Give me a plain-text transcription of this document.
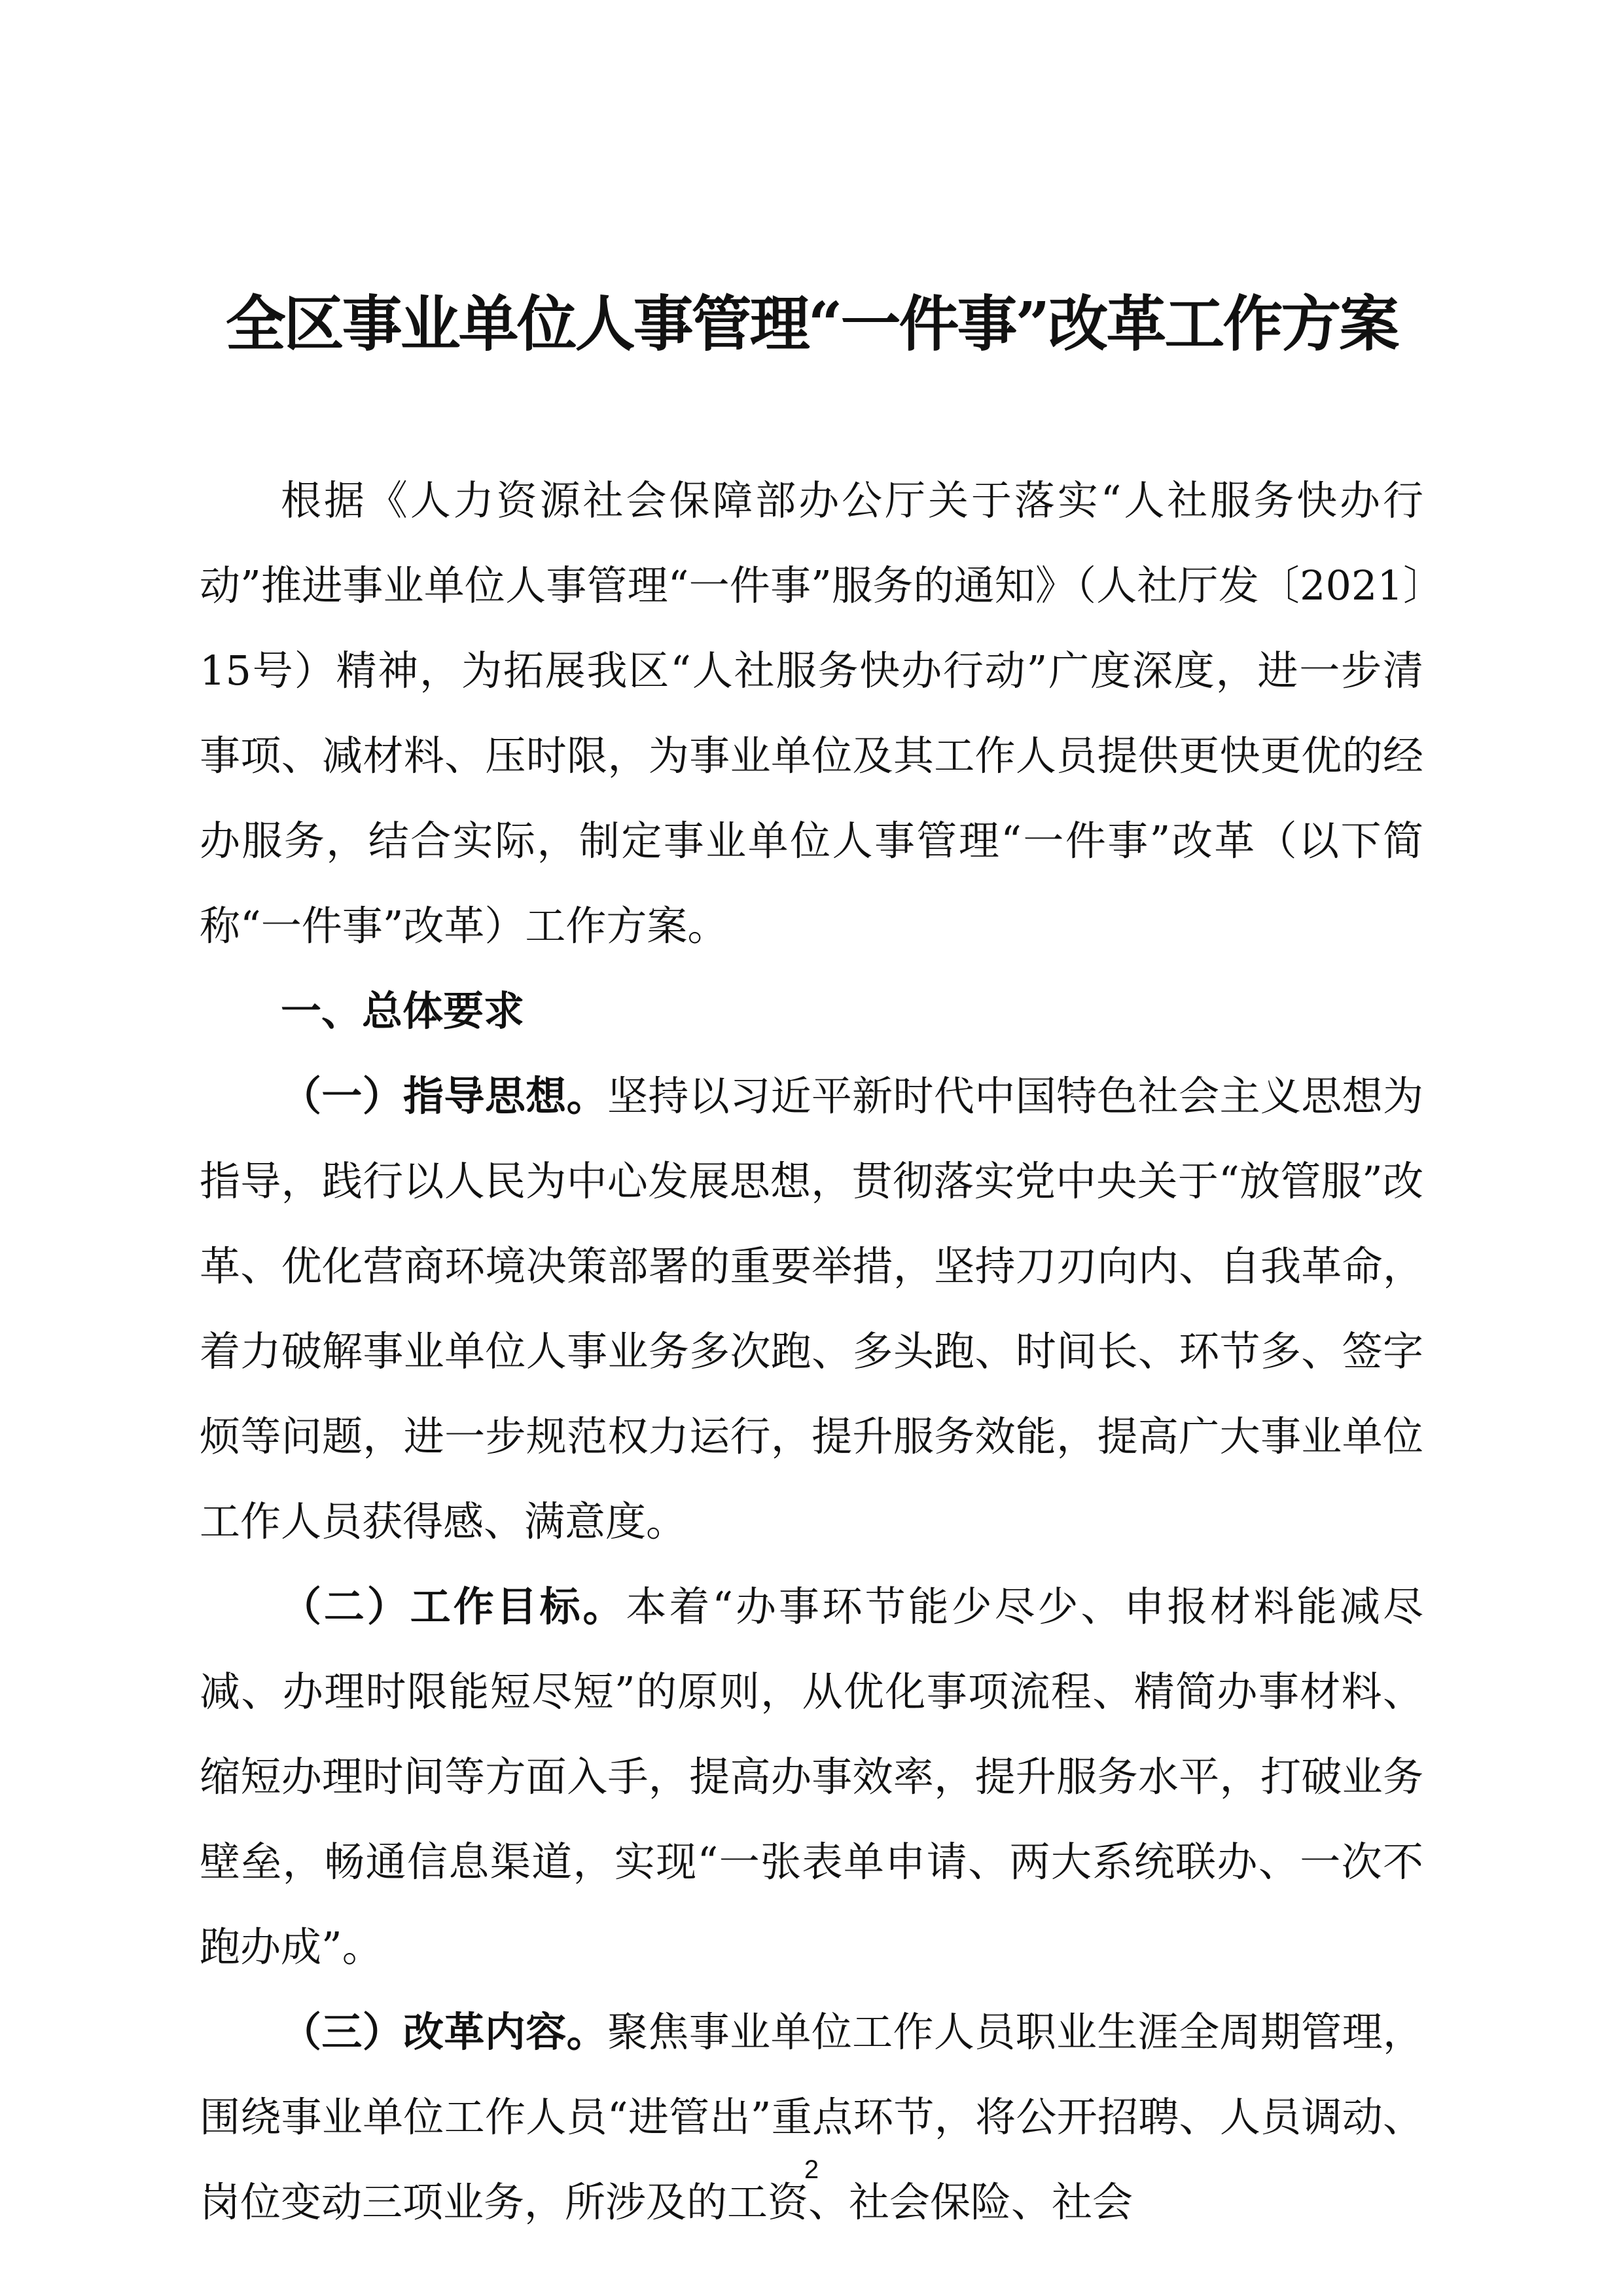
全区事业单位人事管理“一件事”改革工作方案

根据《人力资源社会保障部办公厅关于落实“人社服务快办行动”推进事业单位人事管理“一件事”服务的通知》（人社厅发〔2021〕15号）精神，为拓展我区“人社服务快办行动”广度深度，进一步清事项、减材料、压时限，为事业单位及其工作人员提供更快更优的经办服务，结合实际，制定事业单位人事管理“一件事”改革（以下简称“一件事”改革）工作方案。

一、总体要求

（一）指导思想。坚持以习近平新时代中国特色社会主义思想为指导，践行以人民为中心发展思想，贯彻落实党中央关于“放管服”改革、优化营商环境决策部署的重要举措，坚持刀刃向内、自我革命，着力破解事业单位人事业务多次跑、多头跑、时间长、环节多、签字烦等问题，进一步规范权力运行，提升服务效能，提高广大事业单位工作人员获得感、满意度。

（二）工作目标。本着“办事环节能少尽少、申报材料能减尽减、办理时限能短尽短”的原则，从优化事项流程、精简办事材料、缩短办理时间等方面入手，提高办事效率，提升服务水平，打破业务壁垒，畅通信息渠道，实现“一张表单申请、两大系统联办、一次不跑办成”。

（三）改革内容。聚焦事业单位工作人员职业生涯全周期管理，围绕事业单位工作人员“进管出”重点环节，将公开招聘、人员调动、岗位变动三项业务，所涉及的工资、社会保险、社会

2
